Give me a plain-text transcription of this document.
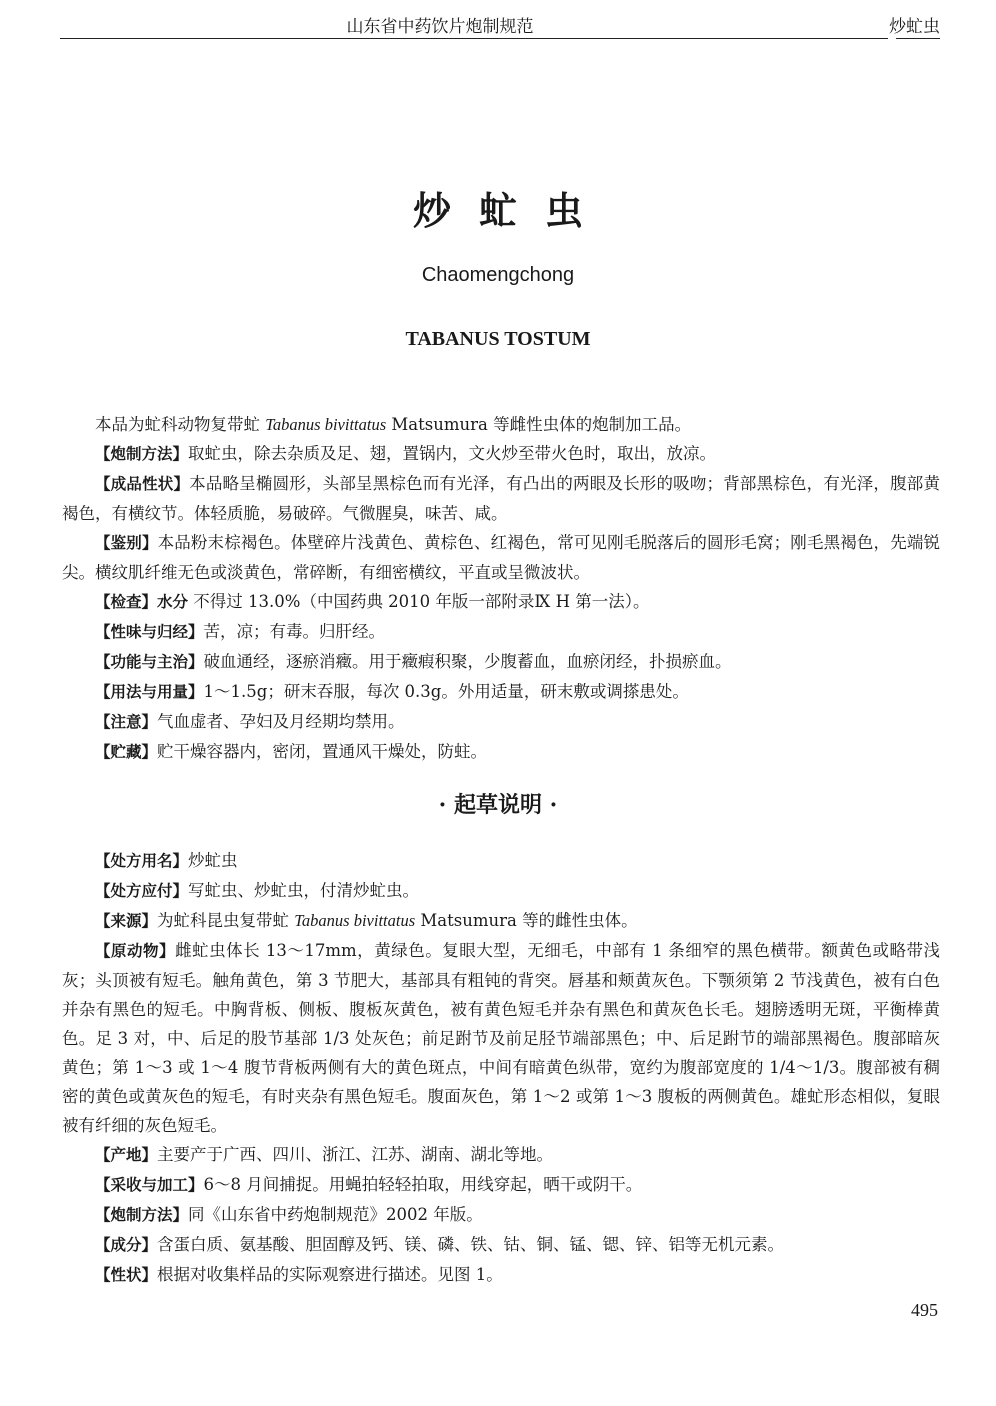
山东省中药饮片炮制规范	炒虻虫
炒虻虫
Chaomengchong
TABANUS TOSTUM

本品为虻科动物复带虻 Tabanus bivittatus Matsumura 等雌性虫体的炮制加工品。

【炮制方法】取虻虫，除去杂质及足、翅，置锅内，文火炒至带火色时，取出，放凉。

【成品性状】本品略呈椭圆形，头部呈黑棕色而有光泽，有凸出的两眼及长形的吸吻；背部黑棕色，有光泽，腹部黄褐色，有横纹节。体轻质脆，易破碎。气微腥臭，味苦、咸。

【鉴别】本品粉末棕褐色。体壁碎片浅黄色、黄棕色、红褐色，常可见刚毛脱落后的圆形毛窝；刚毛黑褐色，先端锐尖。横纹肌纤维无色或淡黄色，常碎断，有细密横纹，平直或呈微波状。

【检查】水分 不得过 13.0%（中国药典 2010 年版一部附录Ⅸ H 第一法）。

【性味与归经】苦，凉；有毒。归肝经。

【功能与主治】破血通经，逐瘀消癥。用于癥瘕积聚，少腹蓄血，血瘀闭经，扑损瘀血。

【用法与用量】1～1.5g；研末吞服，每次 0.3g。外用适量，研末敷或调搽患处。

【注意】气血虚者、孕妇及月经期均禁用。

【贮藏】贮干燥容器内，密闭，置通风干燥处，防蛀。

· 起草说明 ·

【处方用名】炒虻虫

【处方应付】写虻虫、炒虻虫，付清炒虻虫。

【来源】为虻科昆虫复带虻 Tabanus bivittatus Matsumura 等的雌性虫体。

【原动物】雌虻虫体长 13～17mm，黄绿色。复眼大型，无细毛，中部有 1 条细窄的黑色横带。额黄色或略带浅灰；头顶被有短毛。触角黄色，第 3 节肥大，基部具有粗钝的背突。唇基和颊黄灰色。下颚须第 2 节浅黄色，被有白色并杂有黑色的短毛。中胸背板、侧板、腹板灰黄色，被有黄色短毛并杂有黑色和黄灰色长毛。翅膀透明无斑，平衡棒黄色。足 3 对，中、后足的股节基部 1/3 处灰色；前足跗节及前足胫节端部黑色；中、后足跗节的端部黑褐色。腹部暗灰黄色；第 1～3 或 1～4 腹节背板两侧有大的黄色斑点，中间有暗黄色纵带，宽约为腹部宽度的 1/4～1/3。腹部被有稠密的黄色或黄灰色的短毛，有时夹杂有黑色短毛。腹面灰色，第 1～2 或第 1～3 腹板的两侧黄色。雄虻形态相似，复眼被有纤细的灰色短毛。

【产地】主要产于广西、四川、浙江、江苏、湖南、湖北等地。

【采收与加工】6～8 月间捕捉。用蝇拍轻轻拍取，用线穿起，晒干或阴干。

【炮制方法】同《山东省中药炮制规范》2002 年版。

【成分】含蛋白质、氨基酸、胆固醇及钙、镁、磷、铁、钴、铜、锰、锶、锌、铝等无机元素。

【性状】根据对收集样品的实际观察进行描述。见图 1。

495
